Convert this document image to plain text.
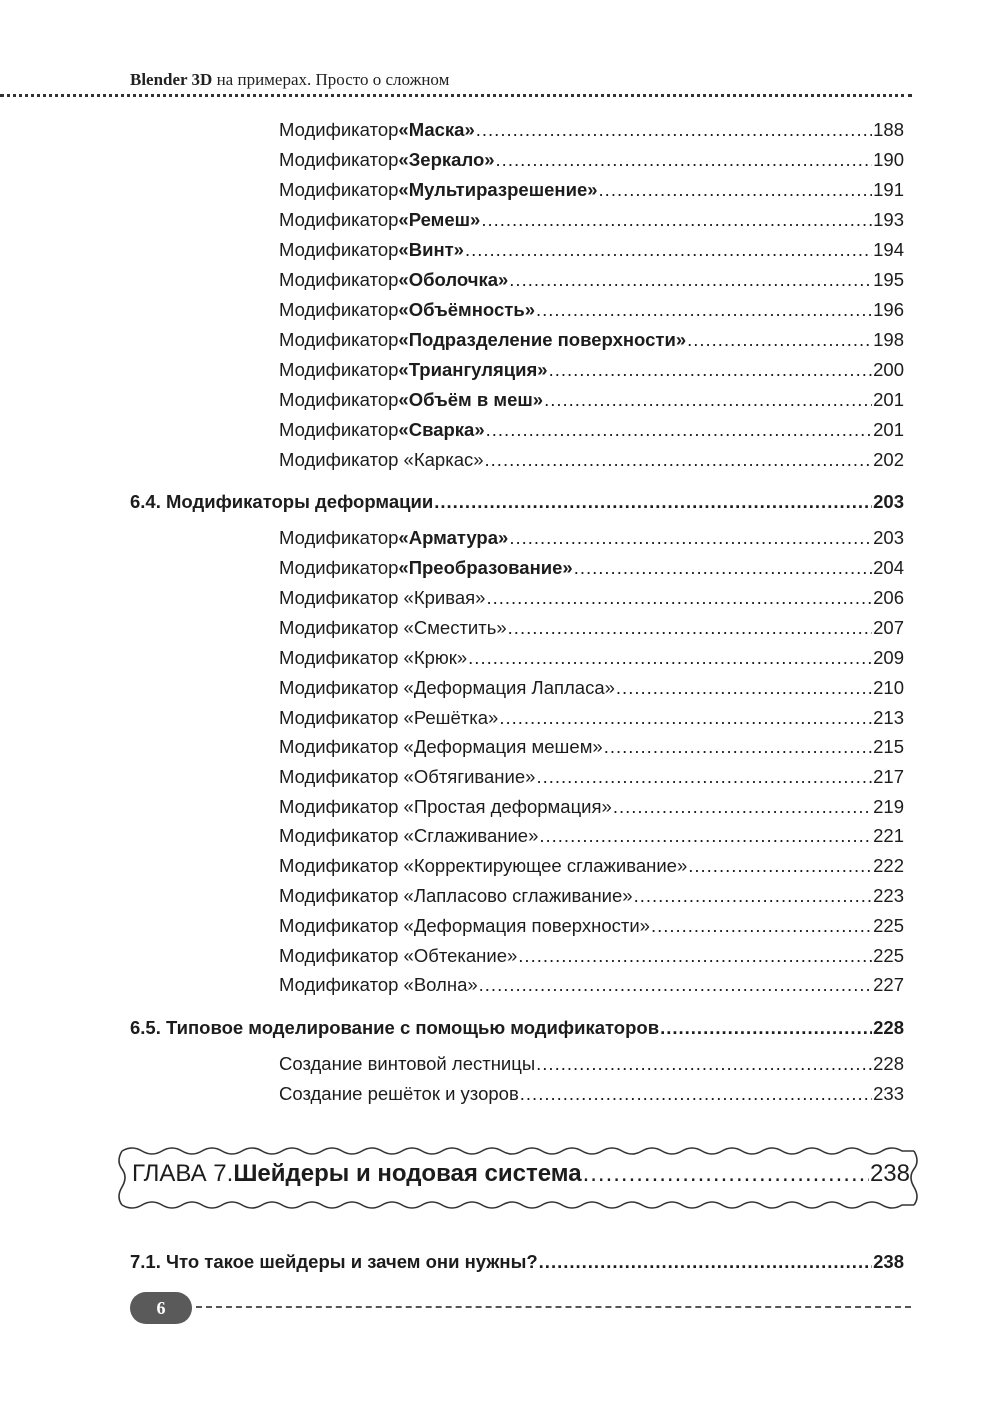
Blender 3D на примерах. Просто о сложном
Модификатор «Маска» .....	188
Модификатор «Зеркало» .....	190
Модификатор «Мультиразрешение» .....	191
Модификатор «Ремеш» .....	193
Модификатор «Винт» .....	194
Модификатор «Оболочка» .....	195
Модификатор «Объёмность» .....	196
Модификатор «Подразделение поверхности» .....	198
Модификатор «Триангуляция» .....	200
Модификатор «Объём в меш» .....	201
Модификатор «Сварка» .....	201
Модификатор «Каркас» .....	202
6.4. Модификаторы деформации .....	203
Модификатор «Арматура» .....	203
Модификатор «Преобразование» .....	204
Модификатор «Кривая» .....	206
Модификатор «Сместить» .....	207
Модификатор «Крюк» .....	209
Модификатор «Деформация Лапласа» .....	210
Модификатор «Решётка» .....	213
Модификатор «Деформация мешем» .....	215
Модификатор «Обтягивание» .....	217
Модификатор «Простая деформация» .....	219
Модификатор «Сглаживание» .....	221
Модификатор «Корректирующее сглаживание» .....	222
Модификатор «Лапласово сглаживание» .....	223
Модификатор «Деформация поверхности» .....	225
Модификатор «Обтекание» .....	225
Модификатор «Волна» .....	227
6.5. Типовое моделирование с помощью модификаторов .....	228
Создание винтовой лестницы .....	228
Создание решёток и узоров .....	233
ГЛАВА 7. Шейдеры и нодовая система .....	238
7.1. Что такое шейдеры и зачем они нужны? .....	238
6
